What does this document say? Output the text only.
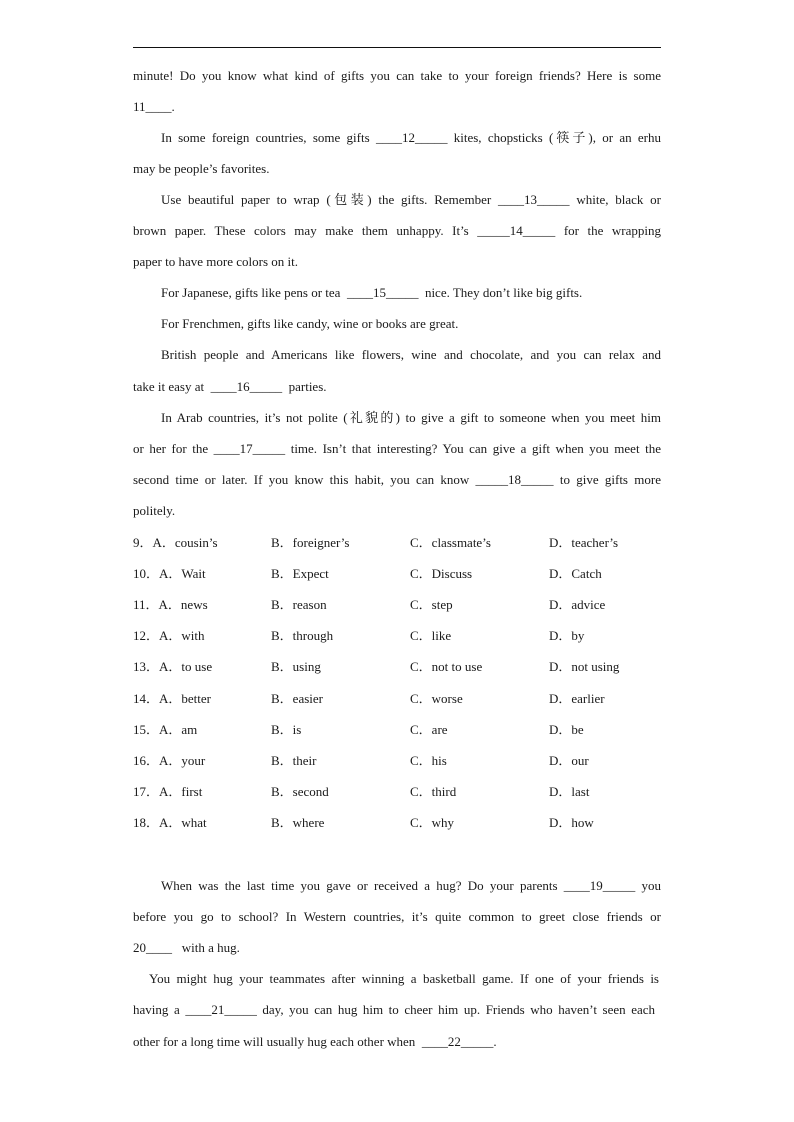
minute! Do you know what kind of gifts you can take to your foreign friends? Here is some
11____.
In some foreign countries, some gifts ____12_____ kites, chopsticks (筷子), or an erhu
may be people’s favorites.
Use beautiful paper to wrap (包装) the gifts. Remember ____13_____ white, black or
brown paper. These colors may make them unhappy. It’s _____14_____ for the wrapping
paper to have more colors on it.
For Japanese, gifts like pens or tea ____15_____ nice. They don’t like big gifts.
For Frenchmen, gifts like candy, wine or books are great.
British people and Americans like flowers, wine and chocolate, and you can relax and
take it easy at ____16_____ parties.
In Arab countries, it’s not polite (礼貌的) to give a gift to someone when you meet him
or her for the ____17_____ time. Isn’t that interesting? You can give a gift when you meet the
second time or later. If you know this habit, you can know _____18_____ to give gifts more
politely.
9．A．cousin’s	B．foreigner’s	C．classmate’s	D．teacher’s
10．A．Wait	B．Expect	C．Discuss	D．Catch
11．A．news	B．reason	C．step	D．advice
12．A．with	B．through	C．like	D．by
13．A．to use	B．using	C．not to use	D．not using
14．A．better	B．easier	C．worse	D．earlier
15．A．am	B．is	C．are	D．be
16．A．your	B．their	C．his	D．our
17．A．first	B．second	C．third	D．last
18．A．what	B．where	C．why	D．how
When was the last time you gave or received a hug? Do your parents ____19_____ you
before you go to school? In Western countries, it’s quite common to greet close friends or
20____ with a hug.
You might hug your teammates after winning a basketball game. If one of your friends is
having a ____21_____ day, you can hug him to cheer him up. Friends who haven’t seen each
other for a long time will usually hug each other when ____22_____.
